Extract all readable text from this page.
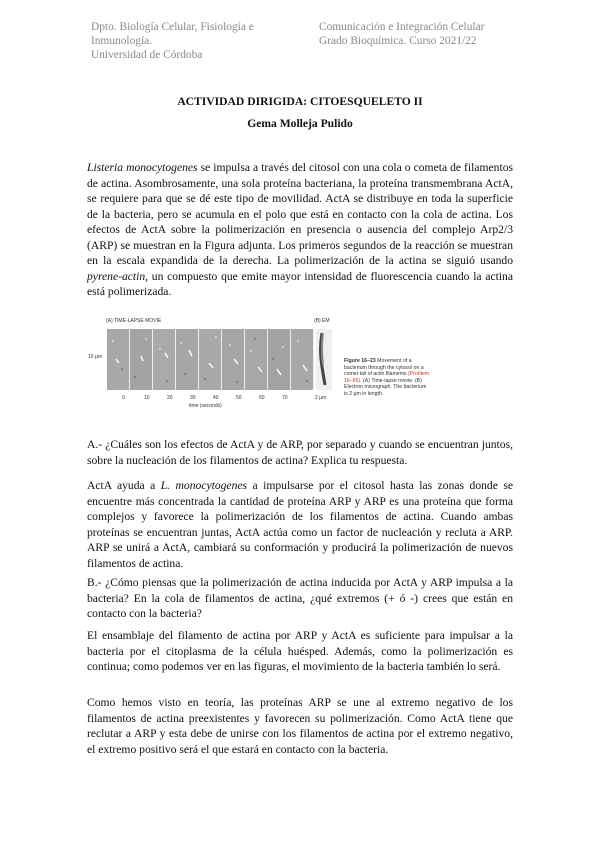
Dpto. Biología Celular, Fisiología e
Inmunología.
Universidad de Córdoba
Comunicación e Integración Celular
Grado Bioquímica. Curso 2021/22
ACTIVIDAD DIRIGIDA: CITOESQUELETO II
Gema Molleja Pulido
Listeria monocytogenes se impulsa a través del citosol con una cola o cometa de filamentos de actina. Asombrosamente, una sola proteína bacteriana, la proteína transmembrana ActA, se requiere para que se dé este tipo de movilidad. ActA se distribuye en toda la superficie de la bacteria, pero se acumula en el polo que está en contacto con la cola de actina. Los efectos de ActA sobre la polimerización en presencia o ausencia del complejo Arp2/3 (ARP) se muestran en la Figura adjunta. Los primeros segundos de la reacción se muestran en la escala expandida de la derecha. La polimerización de la actina se siguió usando pyrene-actin, un compuesto que emite mayor intensidad de fluorescencia cuando la actina está polimerizada.
(A) TIME-LAPSE MOVIE	(B) EM
10 µm
0	10	20	30	40	50	60	70
time (seconds)
2 µm
Figure 16–23 Movement of a bacterium through the cytosol on a comet tail of actin filaments (Problem 16–65). (A) Time-lapse movie. (B) Electron micrograph. The bacterium is 2 µm in length.
A.- ¿Cuáles son los efectos de ActA y de ARP, por separado y cuando se encuentran juntos, sobre la nucleación de los filamentos de actina? Explica tu respuesta.
ActA ayuda a L. monocytogenes a impulsarse por el citosol hasta las zonas donde se encuentre más concentrada la cantidad de proteína ARP y ARP es una proteína que forma complejos y favorece la polimerización de los filamentos de actina. Cuando ambas proteínas se encuentran juntas, ActA actúa como un factor de nucleación y recluta a ARP. ARP se unirá a ActA, cambiará su conformación y producirá la polimerización de nuevos filamentos de actina.
B.- ¿Cómo piensas que la polimerización de actina inducida por ActA y ARP impulsa a la bacteria? En la cola de filamentos de actina, ¿qué extremos (+ ó -) crees que están en contacto con la bacteria?
El ensamblaje del filamento de actina por ARP y ActA es suficiente para impulsar a la bacteria por el citoplasma de la célula huésped. Además, como la polimerización es continua; como podemos ver en las figuras, el movimiento de la bacteria también lo será.
Como hemos visto en teoría, las proteínas ARP se une al extremo negativo de los filamentos de actina preexistentes y favorecen su polimerización. Como ActA tiene que reclutar a ARP y esta debe de unirse con los filamentos de actina por el extremo negativo, el extremo positivo será el que estará en contacto con la bacteria.
